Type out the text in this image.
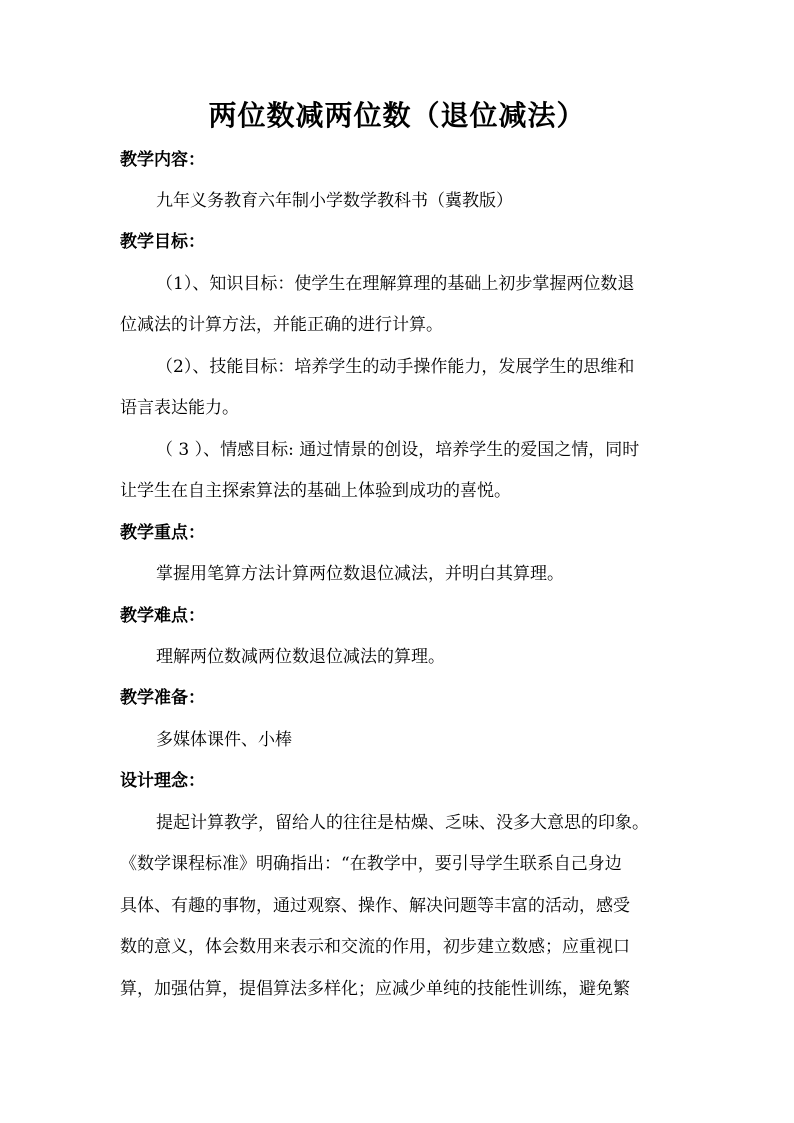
两位数减两位数（退位减法）
教学内容：
九年义务教育六年制小学数学教科书（冀教版）
教学目标：
（1）、知识目标：使学生在理解算理的基础上初步掌握两位数退
位减法的计算方法，并能正确的进行计算。
（2）、技能目标：培养学生的动手操作能力，发展学生的思维和
语言表达能力。
（ 3 ）、情感目标: 通过情景的创设，培养学生的爱国之情，同时
让学生在自主探索算法的基础上体验到成功的喜悦。
教学重点：
掌握用笔算方法计算两位数退位减法，并明白其算理。
教学难点：
理解两位数减两位数退位减法的算理。
教学准备：
多媒体课件、小棒
设计理念：
提起计算教学，留给人的往往是枯燥、乏味、没多大意思的印象。
《数学课程标准》明确指出：“在教学中，要引导学生联系自己身边
具体、有趣的事物，通过观察、操作、解决问题等丰富的活动，感受
数的意义，体会数用来表示和交流的作用，初步建立数感；应重视口
算，加强估算，提倡算法多样化；应减少单纯的技能性训练，避免繁
